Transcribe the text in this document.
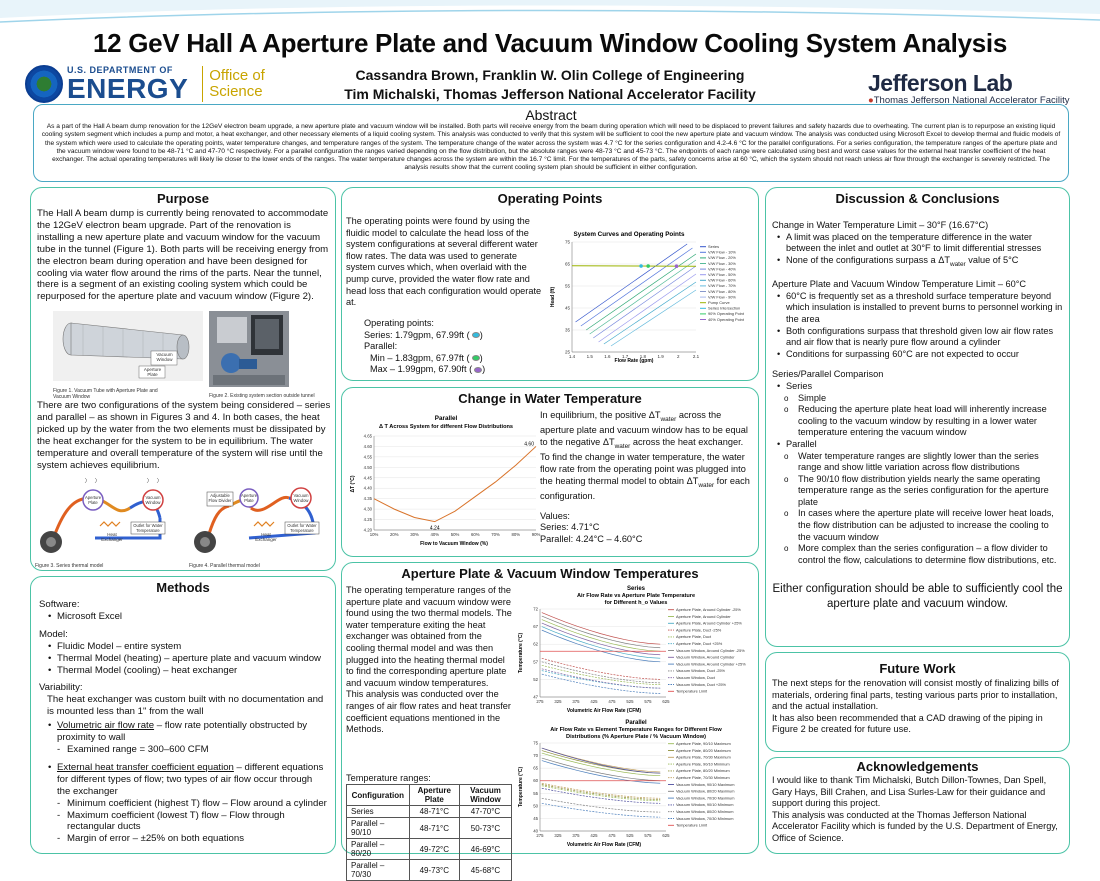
12 GeV Hall A Aperture Plate and Vacuum Window Cooling System Analysis
U.S. DEPARTMENT OF
ENERGY Office of
Science
Cassandra Brown, Franklin W. Olin College of Engineering
Tim Michalski, Thomas Jefferson National Accelerator Facility	Jefferson Lab
●Thomas Jefferson National Accelerator Facility
Abstract

As a part of the Hall A beam dump renovation for the 12GeV electron beam upgrade, a new aperture plate and vacuum window will be installed. Both parts will receive energy from the beam during operation which will need to be displaced to prevent failures and safety hazards due to overheating. The current plan is to repurpose an existing liquid cooling system segment which includes a pump and motor, a heat exchanger, and other necessary elements of a liquid cooling system. This analysis was conducted to verify that this system will be sufficient to cool the new aperture plate and vacuum window. The analysis was conducted using Microsoft Excel to develop thermal and fluidic models of the system which were used to calculate the operating points, water temperature changes, and temperature ranges of the system. The temperature change of the water across the system was 4.7 °C for the series configuration and 4.2-4.6 °C for the parallel configurations. For a series configuration, the temperature ranges of the aperture plate and the vacuum window were found to be 48-71 °C and 47-70 °C respectively. For a parallel configuration the ranges varied depending on the flow distribution, but the absolute ranges were 48-73 °C and 45-73 °C. The endpoints of each range were calculated using best and worst case values for the external heat transfer coefficient of the heat exchanger. The actual operating temperatures will likely lie closer to the lower ends of the ranges. The water temperature changes across the system are within the 16.7 °C limit. For the temperatures of the parts, safety concerns arise at 60 °C, which the system should not reach unless air flow through the exchanger is severely restricted. The analysis results show that the current cooling system plan should be sufficient in either configuration.

Purpose
The Hall A beam dump is currently being renovated to accommodate the 12GeV electron beam upgrade. Part of the renovation is installing a new aperture plate and vacuum window for the vacuum tube in the tunnel (Figure 1). Both parts will be receiving energy from the electron beam during operation and have been designed for cooling via water flow around the rims of the parts. Near the tunnel, there is a segment of an existing cooling system which could be repurposed for the aperture plate and vacuum window (Figure 2).
Vacuum Window
Aperture Plate
Figure 1. Vacuum Tube with Aperture Plate and Vacuum Window	Figure 2. Existing system section outside tunnel
There are two configurations of the system being considered – series and parallel – as shown in Figures 3 and 4. In both cases, the heat picked up by the water from the two elements must be dissipated by the heat exchanger for the system to be in equilibrium. The water temperature and overall temperature of the system will rise until the system achieves equilibrium.
Aperture Plate
Vacuum Window
Outlet for Water Temperature
Heat Exchanger
Figure 3. Series thermal model
Adjustable Flow Divider
Aperture Plate
Vacuum Window
Outlet for Water Temperature
Heat Exchanger
Figure 4. Parallel thermal model
Methods
Software:
• Microsoft Excel
Model:
• Fluidic Model – entire system
• Thermal Model (heating) – aperture plate and vacuum window
• Thermal Model (cooling) – heat exchanger
Variability:
The heat exchanger was custom built with no documentation and is mounted less than 1" from the wall
• Volumetric air flow rate – flow rate potentially obstructed by proximity to wall
- Examined range = 300–600 CFM
• External heat transfer coefficient equation – different equations for different types of flow; two types of air flow occur through the exchanger
- Minimum coefficient (highest T) flow – Flow around a cylinder
- Maximum coefficient (lowest T) flow – Flow through rectangular ducts
- Margin of error – ±25% on both equations
Operating Points
The operating points were found by using the fluidic model to calculate the head loss of the system configurations at several different water flow rates. The data was used to generate system curves which, when overlaid with the pump curve, provided the water flow rate and head loss that each configuration would operate at.
Operating points:
Series: 1.79gpm, 67.99ft ( )
Parallel:
Min – 1.83gpm, 67.97ft ( )
Max – 1.99gpm, 67.90ft ( )
System Curves and Operating Points
25
35
45
55
65
75
1.4	1.5	1.6	1.7	1.8	1.9	2	2.1
Flow Rate (gpm)
Head (ft)
Series
V/W Flow - 10%
V/W Flow - 20%
V/W Flow - 30%
V/W Flow - 40%
V/W Flow - 50%
V/W Flow - 60%
V/W Flow - 70%
V/W Flow - 80%
V/W Flow - 90%
Pump Curve
Series Intersection
90% Operating Point
40% Operating Point
Change in Water Temperature
Parallel
Δ T Across System for different Flow Distributions
4.20
4.25
4.30
4.35
4.40
4.45
4.50
4.55
4.60
4.65
10%	20%	30%	40%	50%	60%	70%	80%	90%
Flow to Vacuum Window (%)
ΔT (°C)
4.60
4.24
In equilibrium, the positive $\Delta T_{water}$ across the aperture plate and vacuum window has to be equal to the negative $\Delta T_{water}$ across the heat exchanger. To find the change in water temperature, the water flow rate from the operating point was plugged into the heating thermal model to obtain $\Delta T_{water}$ for each configuration.
Values:
Series: 4.71°C
Parallel: 4.24°C – 4.60°C
Aperture Plate & Vacuum Window Temperatures
The operating temperature ranges of the aperture plate and vacuum window were found using the two thermal models. The water temperature exiting the heat exchanger was obtained from the cooling thermal model and was then plugged into the heating thermal model to find the corresponding aperture plate and vacuum window temperatures.
This analysis was conducted over the ranges of air flow rates and heat transfer coefficient equations mentioned in the Methods.
Temperature ranges:
Configuration	Aperture Plate	Vacuum Window
Series	48-71°C	47-70°C
Parallel – 90/10	48-71°C	50-73°C
Parallel – 80/20	49-72°C	46-69°C
Parallel – 70/30	49-73°C	45-68°C
Series
Air Flow Rate vs Aperture Plate Temperature
for Different h_o Values
47
52
57
62
67
72
275	325	375	425	475	525	575	625
Volumetric Air Flow Rate (CFM)
Temperature (°C)
Aperture Plate, Around Cylinder -25%
Aperture Plate, Around Cylinder
Aperture Plate, Around Cylinder +25%
Aperture Plate, Duct -25%
Aperture Plate, Duct
Aperture Plate, Duct +25%
Vacuum Window, Around Cylinder -25%
Vacuum Window, Around Cylinder
Vacuum Window, Around Cylinder +25%
Vacuum Window, Duct -25%
Vacuum Window, Duct
Vacuum Window, Duct +25%
Temperature Limit
Parallel
Air Flow Rate vs Element Temperature Ranges for Different Flow
Distributions (% Aperture Plate / % Vacuum Window)
40
45
50
55
60
65
70
75
275	325	375	425	475	525	575	625
Volumetric Air Flow Rate (CFM)
Temperature (°C)
Aperture Plate, 90/10 Maximum
Aperture Plate, 80/20 Maximum
Aperture Plate, 70/30 Maximum
Aperture Plate, 90/10 Minimum
Aperture Plate, 80/20 Minimum
Aperture Plate, 70/30 Minimum
Vacuum Window, 90/10 Maximum
Vacuum Window, 80/20 Maximum
Vacuum Window, 70/30 Maximum
Vacuum Window, 90/10 Minimum
Vacuum Window, 80/20 Minimum
Vacuum Window, 70/30 Minimum
Temperature Limit
Discussion & Conclusions
Change in Water Temperature Limit – 30°F (16.67°C)
• A limit was placed on the temperature difference in the water between the inlet and outlet at 30°F to limit differential stresses
• None of the configurations surpass a $\Delta T_{water}$ value of 5°C
Aperture Plate and Vacuum Window Temperature Limit – 60°C
• 60°C is frequently set as a threshold surface temperature beyond which insulation is installed to prevent burns to personnel working in the area
• Both configurations surpass that threshold given low air flow rates and air flow that is nearly pure flow around a cylinder
• Conditions for surpassing 60°C are not expected to occur
Series/Parallel Comparison
• Series
o Simple
o Reducing the aperture plate heat load will inherently increase cooling to the vacuum window by resulting in a lower water temperature entering the vacuum window
• Parallel
o Water temperature ranges are slightly lower than the series range and show little variation across flow distributions
o The 90/10 flow distribution yields nearly the same operating temperature range as the series configuration for the aperture plate
o In cases where the aperture plate will receive lower heat loads, the flow distribution can be adjusted to increase the cooling to the vacuum window
o More complex than the series configuration – a flow divider to control the flow, calculations to determine flow distributions, etc.
Either configuration should be able to sufficiently cool the aperture plate and vacuum window.
Future Work
The next steps for the renovation will consist mostly of finalizing bills of materials, ordering final parts, testing various parts prior to installation, and the actual installation.
It has also been recommended that a CAD drawing of the piping in Figure 2 be created for future use.
Acknowledgements
I would like to thank Tim Michalski, Butch Dillon-Townes, Dan Spell, Gary Hays, Bill Crahen, and Lisa Surles-Law for their guidance and support during this project.
This analysis was conducted at the Thomas Jefferson National Accelerator Facility which is funded by the U.S. Department of Energy, Office of Science.
